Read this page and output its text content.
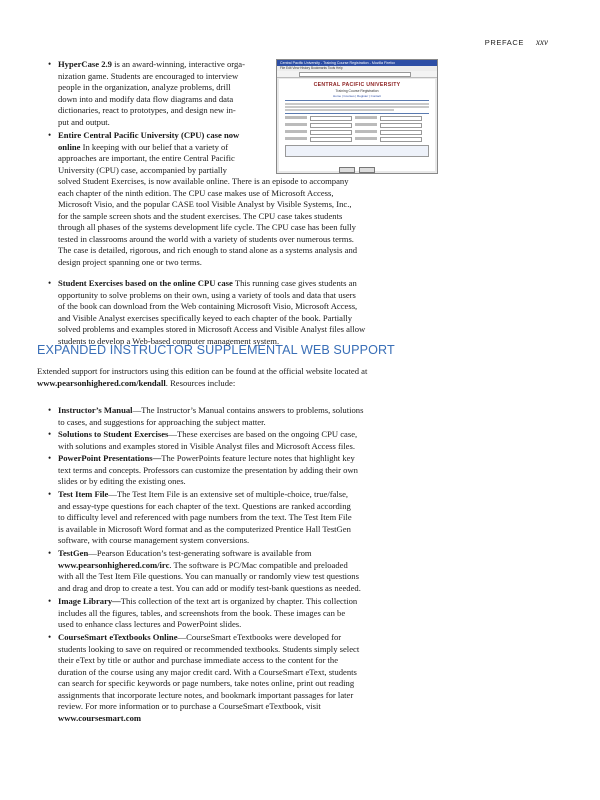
PREFACE xxv
Central Pacific University - Training Course Registration - Mozilla Firefox
File Edit View History Bookmarks Tools Help
CENTRAL PACIFIC UNIVERSITY
Training Course Registration
Home | Courses | Register | Contact
• HyperCase 2.9 is an award-winning, interactive orga-
nization game. Students are encouraged to interview
people in the organization, analyze problems, drill
down into and modify data flow diagrams and data
dictionaries, react to prototypes, and design new in-
put and output.
• Entire Central Pacific University (CPU) case now
online In keeping with our belief that a variety of
approaches are important, the entire Central Pacific
University (CPU) case, accompanied by partially
solved Student Exercises, is now available online. There is an episode to accompany
each chapter of the ninth edition. The CPU case makes use of Microsoft Access,
Microsoft Visio, and the popular CASE tool Visible Analyst by Visible Systems, Inc.,
for the sample screen shots and the student exercises. The CPU case takes students
through all phases of the systems development life cycle. The CPU case has been fully
tested in classrooms around the world with a variety of students over numerous terms.
The case is detailed, rigorous, and rich enough to stand alone as a systems analysis and
design project spanning one or two terms.
• Student Exercises based on the online CPU case This running case gives students an
opportunity to solve problems on their own, using a variety of tools and data that users
of the book can download from the Web containing Microsoft Visio, Microsoft Access,
and Visible Analyst exercises specifically keyed to each chapter of the book. Partially
solved problems and examples stored in Microsoft Access and Visible Analyst files allow
students to develop a Web-based computer management system.
EXPANDED INSTRUCTOR SUPPLEMENTAL WEB SUPPORT
Extended support for instructors using this edition can be found at the official website located at
www.pearsonhighered.com/kendall. Resources include:
• Instructor’s Manual—The Instructor’s Manual contains answers to problems, solutions
to cases, and suggestions for approaching the subject matter.
• Solutions to Student Exercises—These exercises are based on the ongoing CPU case,
with solutions and examples stored in Visible Analyst files and Microsoft Access files.
• PowerPoint Presentations—The PowerPoints feature lecture notes that highlight key
text terms and concepts. Professors can customize the presentation by adding their own
slides or by editing the existing ones.
• Test Item File—The Test Item File is an extensive set of multiple-choice, true/false,
and essay-type questions for each chapter of the text. Questions are ranked according
to difficulty level and referenced with page numbers from the text. The Test Item File
is available in Microsoft Word format and as the computerized Prentice Hall TestGen
software, with course management system conversions.
• TestGen—Pearson Education’s test-generating software is available from
www.pearsonhighered.com/irc. The software is PC/Mac compatible and preloaded
with all the Test Item File questions. You can manually or randomly view test questions
and drag and drop to create a test. You can add or modify test-bank questions as needed.
• Image Library—This collection of the text art is organized by chapter. This collection
includes all the figures, tables, and screenshots from the book. These images can be
used to enhance class lectures and PowerPoint slides.
• CourseSmart eTextbooks Online—CourseSmart eTextbooks were developed for
students looking to save on required or recommended textbooks. Students simply select
their eText by title or author and purchase immediate access to the content for the
duration of the course using any major credit card. With a CourseSmart eText, students
can search for specific keywords or page numbers, take notes online, print out reading
assignments that incorporate lecture notes, and bookmark important passages for later
review. For more information or to purchase a CourseSmart eTextbook, visit
www.coursesmart.com
